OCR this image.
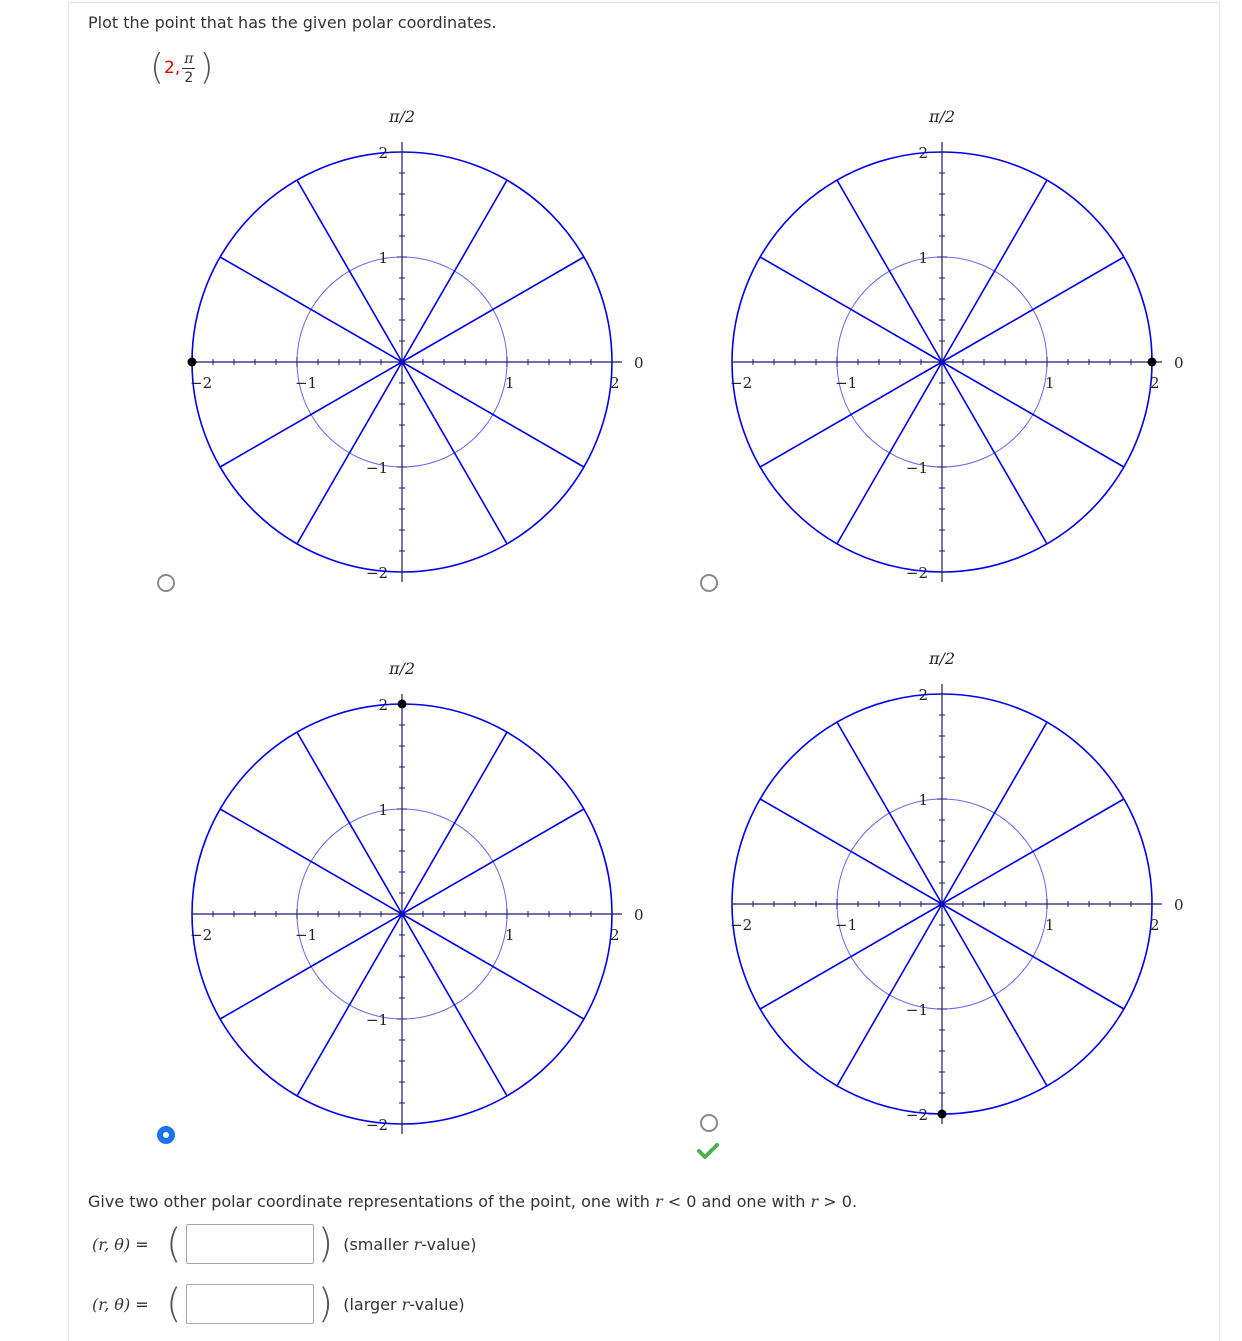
Plot the point that has the given polar coordinates.
( 2, $\frac{\pi}{2}$ )
−2	−1	1	2
2
1
−1
−2
π/2
0
−2	−1	1	2
2
1
−1
−2
π/2
0
−2	−1	1	2
2
1
−1
−2
π/2
0
−2	−1	1	2
2
1
−1
−2
π/2
0
Give two other polar coordinate representations of the point, one with r < 0 and one with r > 0.
(r, θ) = (	) (smaller r-value)
(r, θ) = (	) (larger r-value)
